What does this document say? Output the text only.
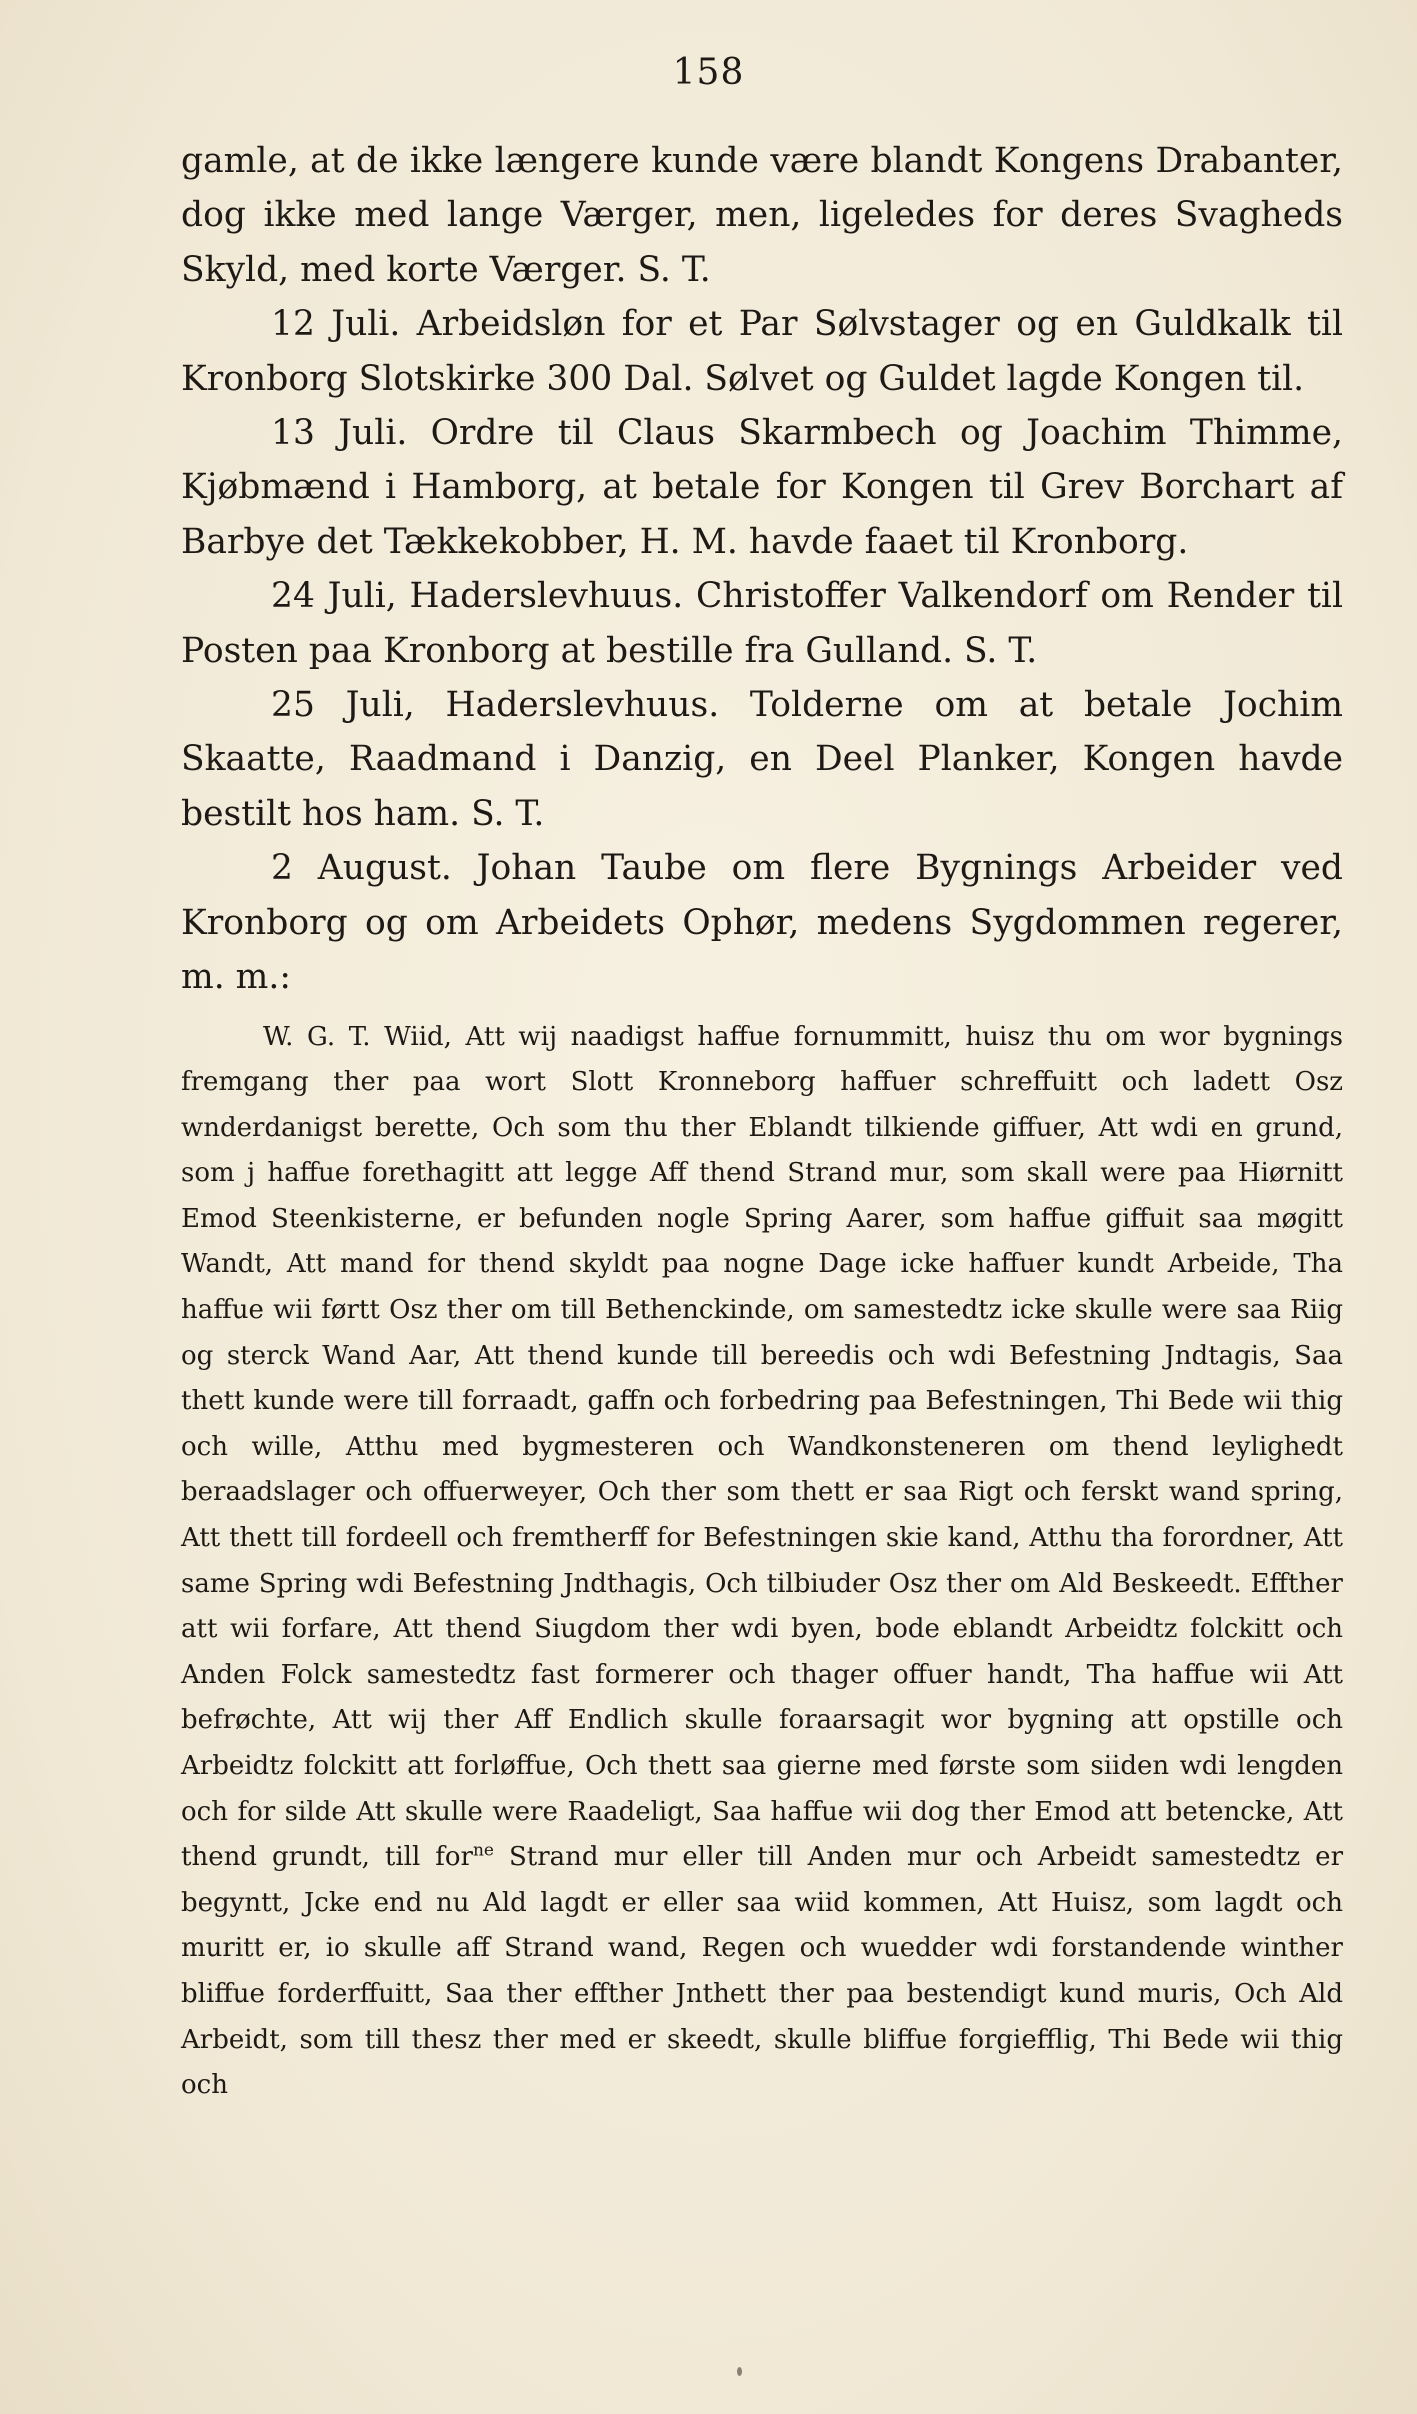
158

gamle, at de ikke længere kunde være blandt Kongens Drabanter, dog ikke med lange Værger, men, ligeledes for deres Svagheds Skyld, med korte Værger. S. T.

12 Juli. Arbeidsløn for et Par Sølvstager og en Guldkalk til Kronborg Slotskirke 300 Dal. Sølvet og Guldet lagde Kongen til.

13 Juli. Ordre til Claus Skarmbech og Joachim Thimme, Kjøbmænd i Hamborg, at betale for Kongen til Grev Borchart af Barbye det Tækkekobber, H. M. havde faaet til Kronborg.

24 Juli, Haderslevhuus. Christoffer Valkendorf om Render til Posten paa Kronborg at bestille fra Gulland. S. T.

25 Juli, Haderslevhuus. Tolderne om at betale Jochim Skaatte, Raadmand i Danzig, en Deel Planker, Kongen havde bestilt hos ham. S. T.

2 August. Johan Taube om flere Bygnings Arbeider ved Kronborg og om Arbeidets Ophør, medens Sygdommen regerer, m. m.:

W. G. T. Wiid, Att wij naadigst haffue fornummitt, huisz thu om wor bygnings fremgang ther paa wort Slott Kronneborg haffuer schreffuitt och ladett Osz wnderdanigst berette, Och som thu ther Eblandt tilkiende giffuer, Att wdi en grund, som j haffue forethagitt att legge Aff thend Strand mur, som skall were paa Hiørnitt Emod Steenkisterne, er befunden nogle Spring Aarer, som haffue giffuit saa møgitt Wandt, Att mand for thend skyldt paa nogne Dage icke haffuer kundt Arbeide, Tha haffue wii førtt Osz ther om till Bethenckinde, om samestedtz icke skulle were saa Riig og sterck Wand Aar, Att thend kunde till bereedis och wdi Befestning Jndtagis, Saa thett kunde were till forraadt, gaffn och forbedring paa Befestningen, Thi Bede wii thig och wille, Atthu med bygmesteren och Wandkonsteneren om thend leylighedt beraadslager och offuerweyer, Och ther som thett er saa Rigt och ferskt wand spring, Att thett till fordeell och fremtherff for Befestningen skie kand, Atthu tha forordner, Att same Spring wdi Befestning Jndthagis, Och tilbiuder Osz ther om Ald Beskeedt. Effther att wii forfare, Att thend Siugdom ther wdi byen, bode eblandt Arbeidtz folckitt och Anden Folck samestedtz fast formerer och thager offuer handt, Tha haffue wii Att befrøchte, Att wij ther Aff Endlich skulle foraarsagit wor bygning att opstille och Arbeidtz folckitt att forløffue, Och thett saa gierne med første som siiden wdi lengden och for silde Att skulle were Raadeligt, Saa haffue wii dog ther Emod att betencke, Att thend grundt, till for$^{ne}$ Strand mur eller till Anden mur och Arbeidt samestedtz er begyntt, Jcke end nu Ald lagdt er eller saa wiid kommen, Att Huisz, som lagdt och muritt er, io skulle aff Strand wand, Regen och wuedder wdi forstandende winther bliffue forderffuitt, Saa ther effther Jnthett ther paa bestendigt kund muris, Och Ald Arbeidt, som till thesz ther med er skeedt, skulle bliffue forgiefflig, Thi Bede wii thig och
